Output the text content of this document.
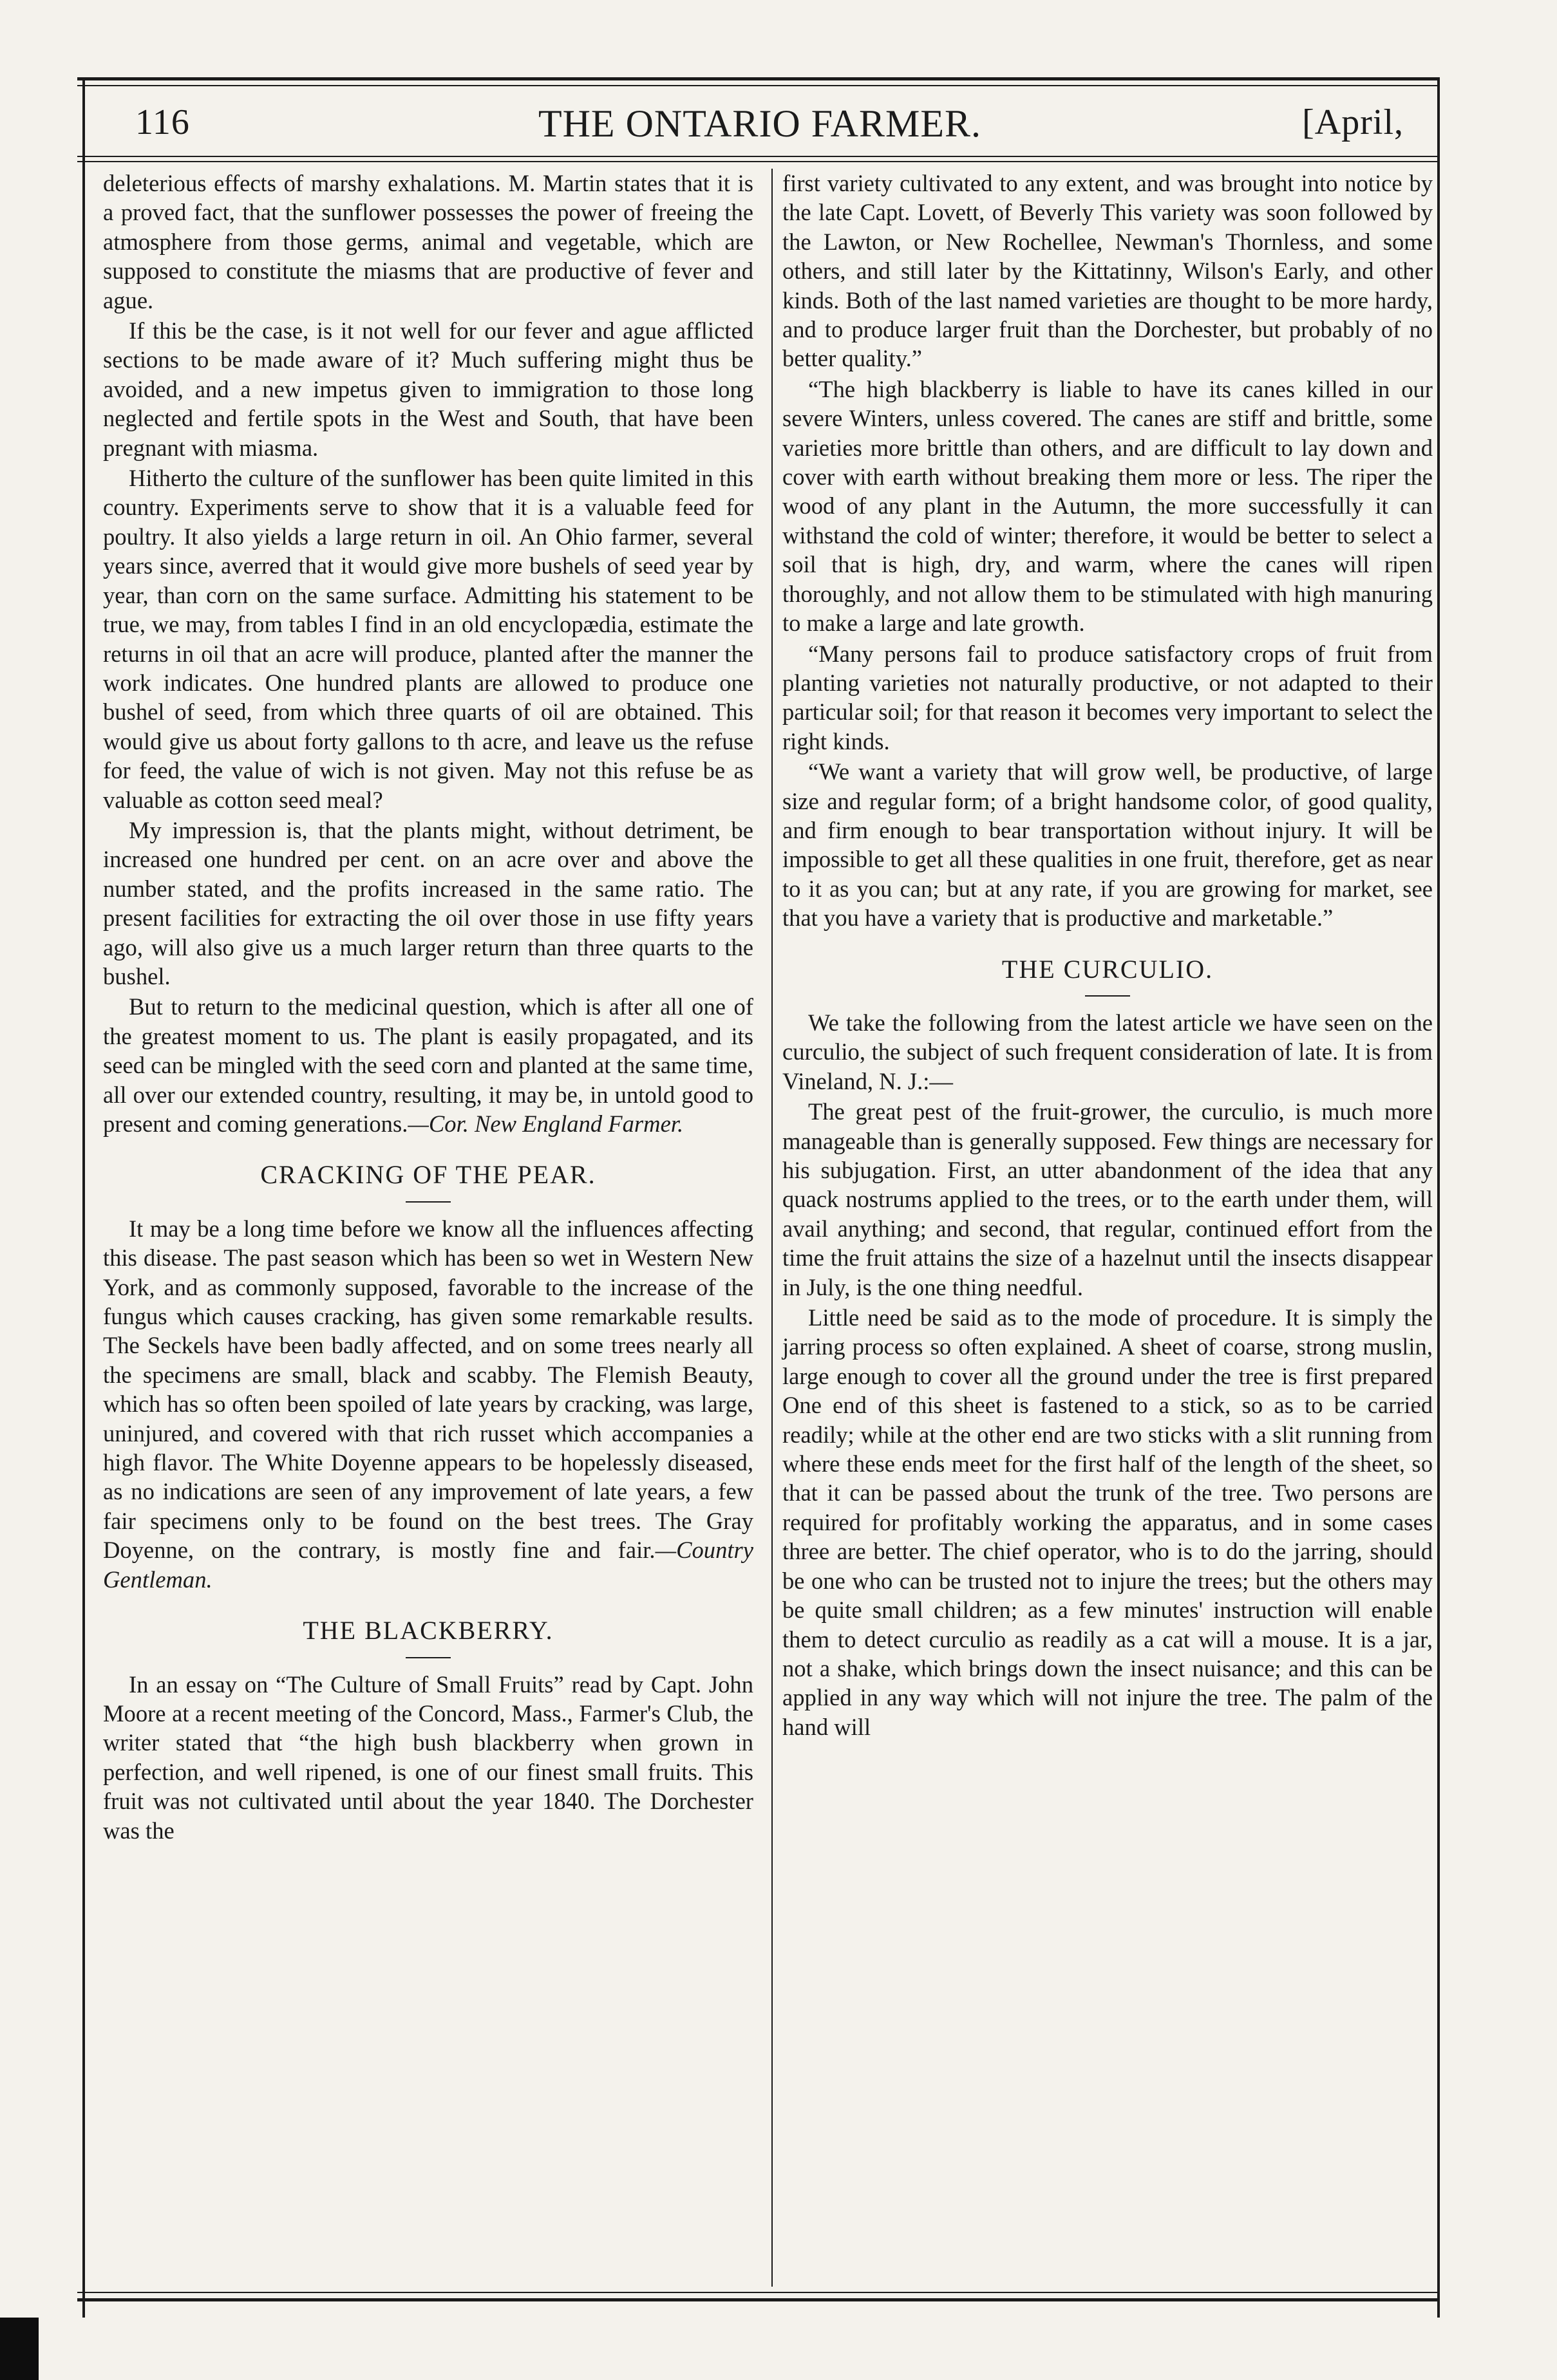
116	THE ONTARIO FARMER.	[April,

deleterious effects of marshy exhalations. M. Martin states that it is a proved fact, that the sunflower possesses the power of freeing the atmosphere from those germs, animal and vegetable, which are supposed to constitute the miasms that are productive of fever and ague.

If this be the case, is it not well for our fever and ague afflicted sections to be made aware of it? Much suffering might thus be avoided, and a new impetus given to immigration to those long neglected and fertile spots in the West and South, that have been pregnant with miasma.

Hitherto the culture of the sunflower has been quite limited in this country. Experiments serve to show that it is a valuable feed for poultry. It also yields a large return in oil. An Ohio farmer, several years since, averred that it would give more bushels of seed year by year, than corn on the same surface. Admitting his statement to be true, we may, from tables I find in an old encyclopædia, estimate the returns in oil that an acre will produce, planted after the manner the work indicates. One hundred plants are allowed to produce one bushel of seed, from which three quarts of oil are obtained. This would give us about forty gallons to th acre, and leave us the refuse for feed, the value of wich is not given. May not this refuse be as valuable as cotton seed meal?

My impression is, that the plants might, without detriment, be increased one hundred per cent. on an acre over and above the number stated, and the profits increased in the same ratio. The present facilities for extracting the oil over those in use fifty years ago, will also give us a much larger return than three quarts to the bushel.

But to return to the medicinal question, which is after all one of the greatest moment to us. The plant is easily propagated, and its seed can be mingled with the seed corn and planted at the same time, all over our extended country, resulting, it may be, in untold good to present and coming generations.—Cor. New England Farmer.

CRACKING OF THE PEAR.

It may be a long time before we know all the influences affecting this disease. The past season which has been so wet in Western New York, and as commonly supposed, favorable to the increase of the fungus which causes cracking, has given some remarkable results. The Seckels have been badly affected, and on some trees nearly all the specimens are small, black and scabby. The Flemish Beauty, which has so often been spoiled of late years by cracking, was large, uninjured, and covered with that rich russet which accompanies a high flavor. The White Doyenne appears to be hopelessly diseased, as no indications are seen of any improvement of late years, a few fair specimens only to be found on the best trees. The Gray Doyenne, on the contrary, is mostly fine and fair.—Country Gentleman.

THE BLACKBERRY.

In an essay on “The Culture of Small Fruits” read by Capt. John Moore at a recent meeting of the Concord, Mass., Farmer's Club, the writer stated that “the high bush blackberry when grown in perfection, and well ripened, is one of our finest small fruits. This fruit was not cultivated until about the year 1840. The Dorchester was the

first variety cultivated to any extent, and was brought into notice by the late Capt. Lovett, of Beverly This variety was soon followed by the Lawton, or New Rochellee, Newman's Thornless, and some others, and still later by the Kittatinny, Wilson's Early, and other kinds. Both of the last named varieties are thought to be more hardy, and to produce larger fruit than the Dorchester, but probably of no better quality.”

“The high blackberry is liable to have its canes killed in our severe Winters, unless covered. The canes are stiff and brittle, some varieties more brittle than others, and are difficult to lay down and cover with earth without breaking them more or less. The riper the wood of any plant in the Autumn, the more successfully it can withstand the cold of winter; therefore, it would be better to select a soil that is high, dry, and warm, where the canes will ripen thoroughly, and not allow them to be stimulated with high manuring to make a large and late growth.

“Many persons fail to produce satisfactory crops of fruit from planting varieties not naturally productive, or not adapted to their particular soil; for that reason it becomes very important to select the right kinds.

“We want a variety that will grow well, be productive, of large size and regular form; of a bright handsome color, of good quality, and firm enough to bear transportation without injury. It will be impossible to get all these qualities in one fruit, therefore, get as near to it as you can; but at any rate, if you are growing for market, see that you have a variety that is productive and marketable.”

THE CURCULIO.

We take the following from the latest article we have seen on the curculio, the subject of such frequent consideration of late. It is from Vineland, N. J.:—

The great pest of the fruit-grower, the curculio, is much more manageable than is generally supposed. Few things are necessary for his subjugation. First, an utter abandonment of the idea that any quack nostrums applied to the trees, or to the earth under them, will avail anything; and second, that regular, continued effort from the time the fruit attains the size of a hazelnut until the insects disappear in July, is the one thing needful.

Little need be said as to the mode of procedure. It is simply the jarring process so often explained. A sheet of coarse, strong muslin, large enough to cover all the ground under the tree is first prepared One end of this sheet is fastened to a stick, so as to be carried readily; while at the other end are two sticks with a slit running from where these ends meet for the first half of the length of the sheet, so that it can be passed about the trunk of the tree. Two persons are required for profitably working the apparatus, and in some cases three are better. The chief operator, who is to do the jarring, should be one who can be trusted not to injure the trees; but the others may be quite small children; as a few minutes' instruction will enable them to detect curculio as readily as a cat will a mouse. It is a jar, not a shake, which brings down the insect nuisance; and this can be applied in any way which will not injure the tree. The palm of the hand will
